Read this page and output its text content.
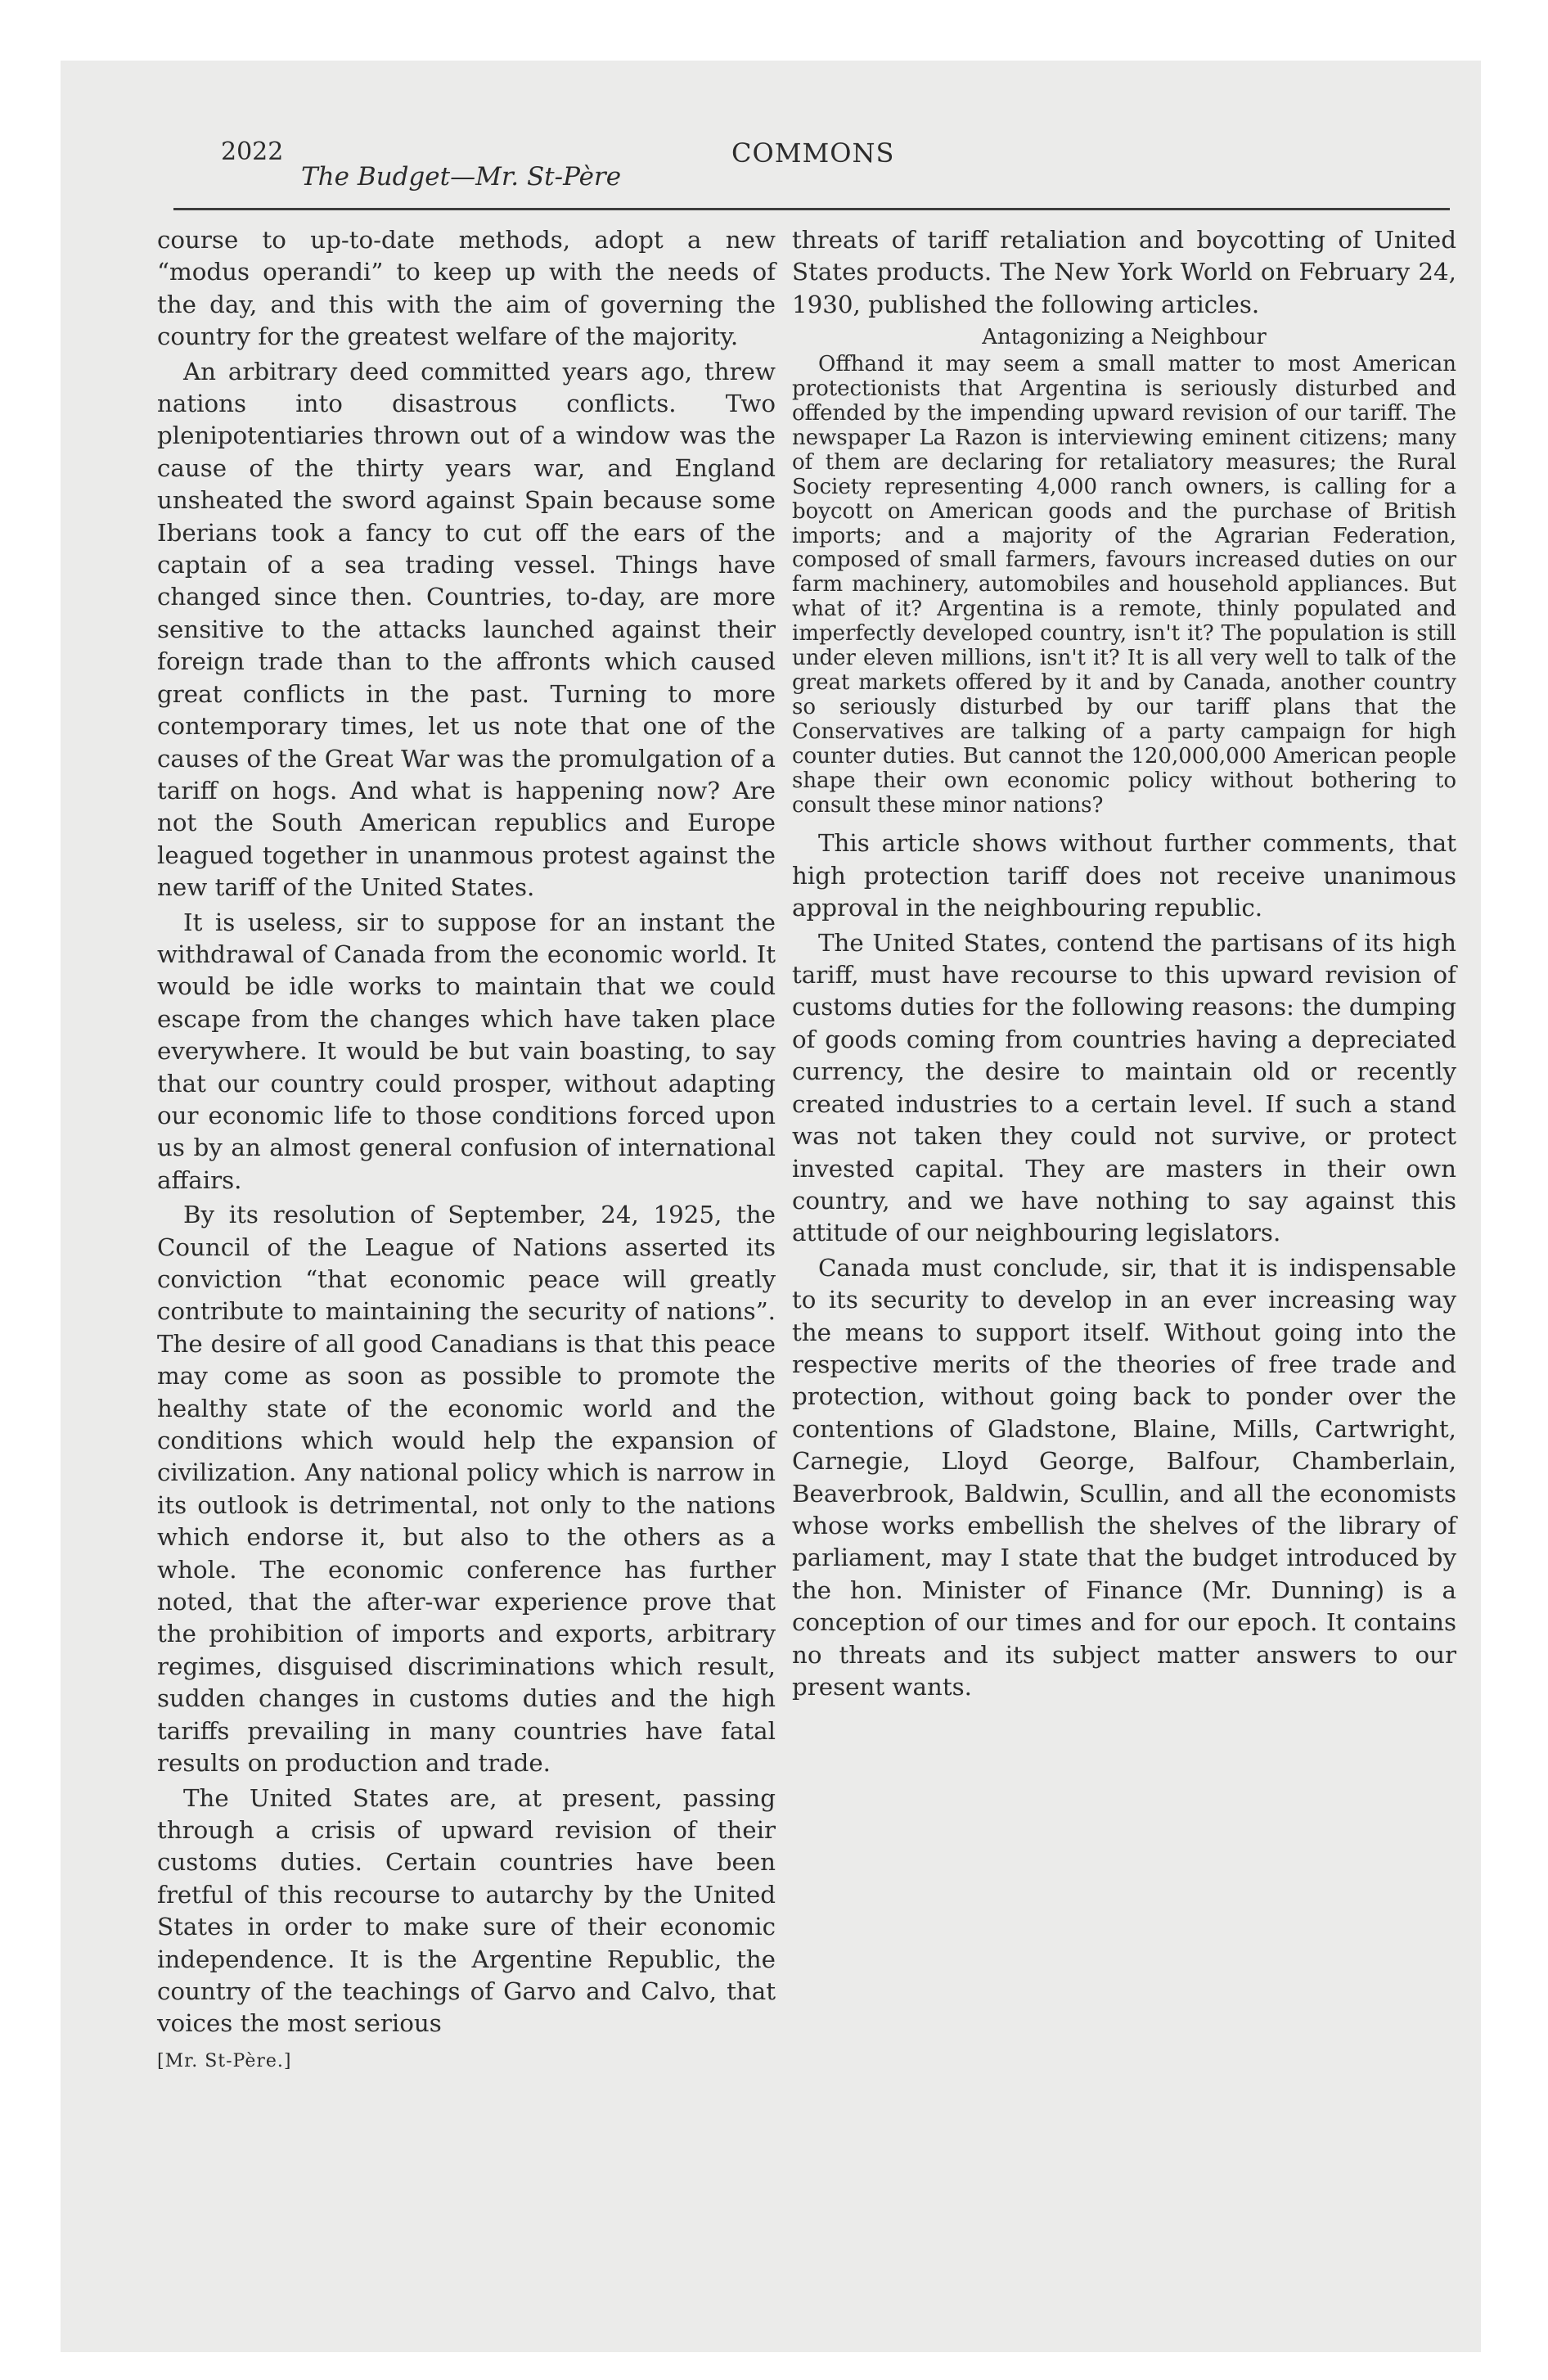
2022
The Budget—Mr. St-Père
COMMONS

course to up-to-date methods, adopt a new “modus operandi” to keep up with the needs of the day, and this with the aim of governing the country for the greatest welfare of the majority.

An arbitrary deed committed years ago, threw nations into disastrous conflicts. Two plenipotentiaries thrown out of a window was the cause of the thirty years war, and England unsheated the sword against Spain because some Iberians took a fancy to cut off the ears of the captain of a sea trading vessel. Things have changed since then. Countries, to-day, are more sensitive to the attacks launched against their foreign trade than to the affronts which caused great conflicts in the past. Turning to more contemporary times, let us note that one of the causes of the Great War was the promulgation of a tariff on hogs. And what is happening now? Are not the South American republics and Europe leagued together in unanmous protest against the new tariff of the United States.

It is useless, sir to suppose for an instant the withdrawal of Canada from the economic world. It would be idle works to maintain that we could escape from the changes which have taken place everywhere. It would be but vain boasting, to say that our country could prosper, without adapting our economic life to those conditions forced upon us by an almost general confusion of international affairs.

By its resolution of September, 24, 1925, the Council of the League of Nations asserted its conviction “that economic peace will greatly contribute to maintaining the security of nations”. The desire of all good Canadians is that this peace may come as soon as possible to promote the healthy state of the economic world and the conditions which would help the expansion of civilization. Any national policy which is narrow in its outlook is detrimental, not only to the nations which endorse it, but also to the others as a whole. The economic conference has further noted, that the after-war experience prove that the prohibition of imports and exports, arbitrary regimes, disguised discriminations which result, sudden changes in customs duties and the high tariffs prevailing in many countries have fatal results on production and trade.

The United States are, at present, passing through a crisis of upward revision of their customs duties. Certain countries have been fretful of this recourse to autarchy by the United States in order to make sure of their economic independence. It is the Argentine Republic, the country of the teachings of Garvo and Calvo, that voices the most serious

[Mr. St-Père.]

threats of tariff retaliation and boycotting of United States products. The New York World on February 24, 1930, published the following articles.

Antagonizing a Neighbour

Offhand it may seem a small matter to most American protectionists that Argentina is seriously disturbed and offended by the impending upward revision of our tariff. The newspaper La Razon is interviewing eminent citizens; many of them are declaring for retaliatory measures; the Rural Society representing 4,000 ranch owners, is calling for a boycott on American goods and the purchase of British imports; and a majority of the Agrarian Federation, composed of small farmers, favours increased duties on our farm machinery, automobiles and household appliances. But what of it? Argentina is a remote, thinly populated and imperfectly developed country, isn't it? The population is still under eleven millions, isn't it? It is all very well to talk of the great markets offered by it and by Canada, another country so seriously disturbed by our tariff plans that the Conservatives are talking of a party campaign for high counter duties. But cannot the 120,000,000 American people shape their own economic policy without bothering to consult these minor nations?

This article shows without further comments, that high protection tariff does not receive unanimous approval in the neighbouring republic.

The United States, contend the partisans of its high tariff, must have recourse to this upward revision of customs duties for the following reasons: the dumping of goods coming from countries having a depreciated currency, the desire to maintain old or recently created industries to a certain level. If such a stand was not taken they could not survive, or protect invested capital. They are masters in their own country, and we have nothing to say against this attitude of our neighbouring legislators.

Canada must conclude, sir, that it is indispensable to its security to develop in an ever increasing way the means to support itself. Without going into the respective merits of the theories of free trade and protection, without going back to ponder over the contentions of Gladstone, Blaine, Mills, Cartwright, Carnegie, Lloyd George, Balfour, Chamberlain, Beaverbrook, Baldwin, Scullin, and all the economists whose works embellish the shelves of the library of parliament, may I state that the budget introduced by the hon. Minister of Finance (Mr. Dunning) is a conception of our times and for our epoch. It contains no threats and its subject matter answers to our present wants.
